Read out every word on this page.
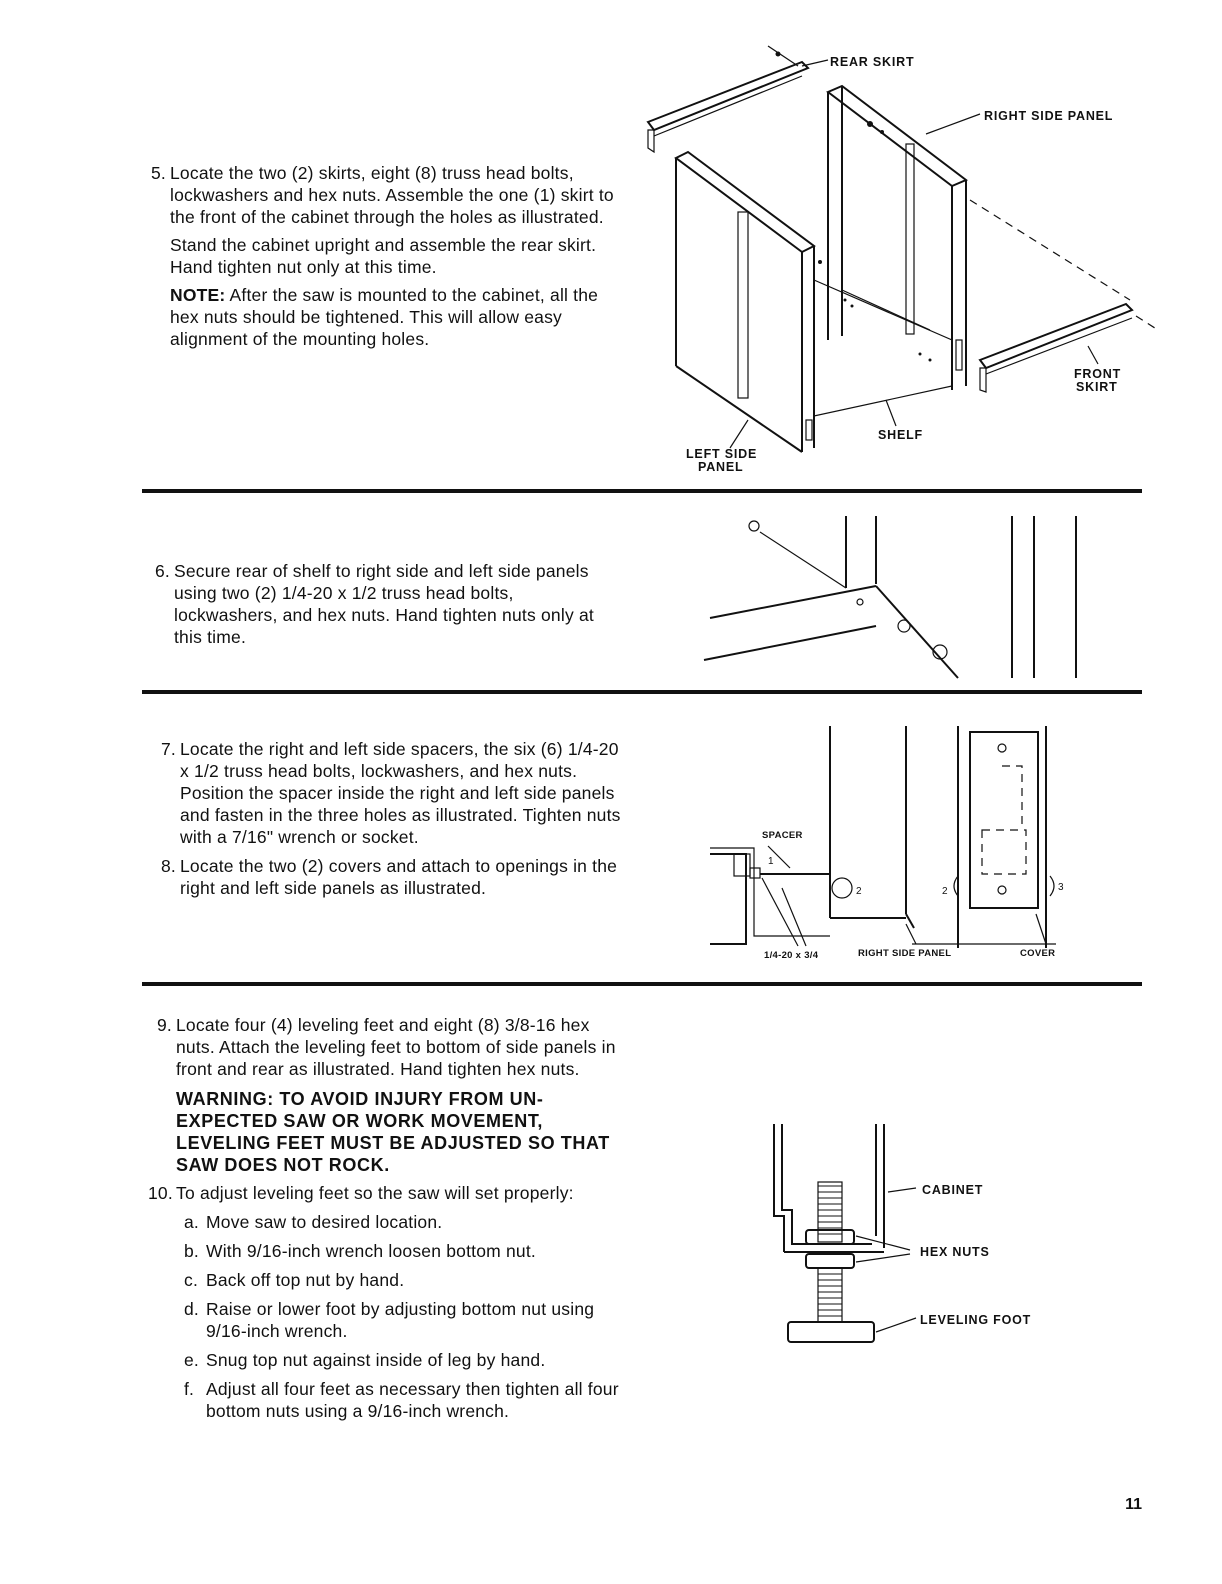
5. Locate the two (2) skirts, eight (8) truss head bolts, lockwashers and hex nuts. Assemble the one (1) skirt to the front of the cabinet through the holes as illustrated.

Stand the cabinet upright and assemble the rear skirt. Hand tighten nut only at this time.

NOTE: After the saw is mounted to the cabinet, all the hex nuts should be tightened. This will allow easy alignment of the mounting holes.

REAR SKIRT
RIGHT SIDE PANEL
FRONT
SKIRT
SHELF
LEFT SIDE
PANEL

6. Secure rear of shelf to right side and left side panels using two (2) 1/4-20 x 1/2 truss head bolts, lockwashers, and hex nuts. Hand tighten nuts only at this time.

7. Locate the right and left side spacers, the six (6) 1/4-20 x 1/2 truss head bolts, lockwashers, and hex nuts. Position the spacer inside the right and left side panels and fasten in the three holes as illustrated. Tighten nuts with a 7/16" wrench or socket.

8. Locate the two (2) covers and attach to openings in the right and left side panels as illustrated.

SPACER
1
2	2	3
1/4-20 x 3/4	RIGHT SIDE PANEL	COVER

9. Locate four (4) leveling feet and eight (8) 3/8-16 hex nuts. Attach the leveling feet to bottom of side panels in front and rear as illustrated. Hand tighten hex nuts.

WARNING: TO AVOID INJURY FROM UN-EXPECTED SAW OR WORK MOVEMENT, LEVELING FEET MUST BE ADJUSTED SO THAT SAW DOES NOT ROCK.

10. To adjust leveling feet so the saw will set properly:

a. Move saw to desired location.

b. With 9/16-inch wrench loosen bottom nut.

c. Back off top nut by hand.

d. Raise or lower foot by adjusting bottom nut using 9/16-inch wrench.

e. Snug top nut against inside of leg by hand.

f. Adjust all four feet as necessary then tighten all four bottom nuts using a 9/16-inch wrench.

CABINET
HEX NUTS
LEVELING FOOT
11
